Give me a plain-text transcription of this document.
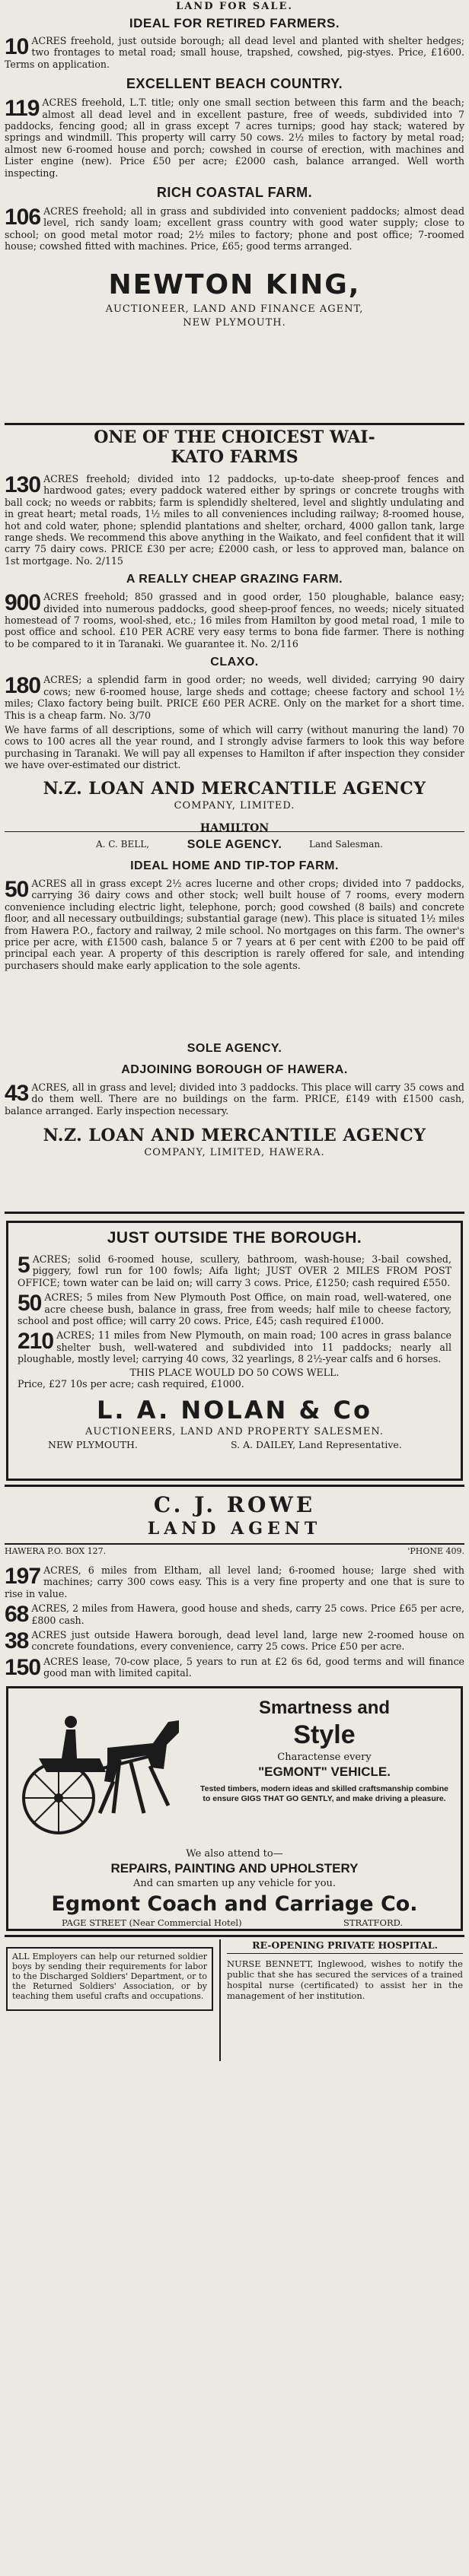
LAND FOR SALE.
IDEAL FOR RETIRED FARMERS.

10 ACRES freehold, just outside borough; all dead level and planted with shelter hedges; two frontages to metal road; small house, trapshed, cowshed, pig-styes. Price, £1600. Terms on application.

EXCELLENT BEACH COUNTRY.

119 ACRES freehold, L.T. title; only one small section between this farm and the beach; almost all dead level and in excellent pasture, free of weeds, subdivided into 7 paddocks, fencing good; all in grass except 7 acres turnips; good hay stack; watered by springs and windmill. This property will carry 50 cows. 2½ miles to factory by metal road; almost new 6-roomed house and porch; cowshed in course of erection, with machines and Lister engine (new). Price £50 per acre; £2000 cash, balance arranged. Well worth inspecting.

RICH COASTAL FARM.

106 ACRES freehold; all in grass and subdivided into convenient paddocks; almost dead level, rich sandy loam; excellent grass country with good water supply; close to school; on good metal motor road; 2½ miles to factory; phone and post office; 7-roomed house; cowshed fitted with machines. Price, £65; good terms arranged.

NEWTON KING,
AUCTIONEER, LAND AND FINANCE AGENT,
NEW PLYMOUTH.
ONE OF THE CHOICEST WAI-
KATO FARMS

130 ACRES freehold; divided into 12 paddocks, up-to-date sheep-proof fences and hardwood gates; every paddock watered either by springs or concrete troughs with ball cock; no weeds or rabbits; farm is splendidly sheltered, level and slightly undulating and in great heart; metal roads, 1½ miles to all conveniences including railway; 8-roomed house, hot and cold water, phone; splendid plantations and shelter, orchard, 4000 gallon tank, large range sheds. We recommend this above anything in the Waikato, and feel confident that it will carry 75 dairy cows. PRICE £30 per acre; £2000 cash, or less to approved man, balance on 1st mortgage. No. 2/115

A REALLY CHEAP GRAZING FARM.

900 ACRES freehold; 850 grassed and in good order, 150 ploughable, balance easy; divided into numerous paddocks, good sheep-proof fences, no weeds; nicely situated homestead of 7 rooms, wool-shed, etc.; 16 miles from Hamilton by good metal road, 1 mile to post office and school. £10 PER ACRE very easy terms to bona fide farmer. There is nothing to be compared to it in Taranaki. We guarantee it. No. 2/116

CLAXO.

180 ACRES; a splendid farm in good order; no weeds, well divided; carrying 90 dairy cows; new 6-roomed house, large sheds and cottage; cheese factory and school 1½ miles; Claxo factory being built. PRICE £60 PER ACRE. Only on the market for a short time. This is a cheap farm. No. 3/70

We have farms of all descriptions, some of which will carry (without manuring the land) 70 cows to 100 acres all the year round, and I strongly advise farmers to look this way before purchasing in Taranaki. We will pay all expenses to Hamilton if after inspection they consider we have over-estimated our district.

N.Z. LOAN AND MERCANTILE AGENCY
COMPANY, LIMITED.
HAMILTON
A. C. BELL,	Land Salesman.
SOLE AGENCY.
IDEAL HOME AND TIP-TOP FARM.

50 ACRES all in grass except 2½ acres lucerne and other crops; divided into 7 paddocks, carrying 36 dairy cows and other stock; well built house of 7 rooms, every modern convenience including electric light, telephone, porch; good cowshed (8 bails) and concrete floor, and all necessary outbuildings; substantial garage (new). This place is situated 1½ miles from Hawera P.O., factory and railway, 2 mile school. No mortgages on this farm. The owner's price per acre, with £1500 cash, balance 5 or 7 years at 6 per cent with £200 to be paid off principal each year. A property of this description is rarely offered for sale, and intending purchasers should make early application to the sole agents.

SOLE AGENCY.
ADJOINING BOROUGH OF HAWERA.

43 ACRES, all in grass and level; divided into 3 paddocks. This place will carry 35 cows and do them well. There are no buildings on the farm. PRICE, £149 with £1500 cash, balance arranged. Early inspection necessary.

N.Z. LOAN AND MERCANTILE AGENCY
COMPANY, LIMITED, HAWERA.
JUST OUTSIDE THE BOROUGH.

5 ACRES; solid 6-roomed house, scullery, bathroom, wash-house; 3-bail cowshed, piggery, fowl run for 100 fowls; Aifa light; JUST OVER 2 MILES FROM POST OFFICE; town water can be laid on; will carry 3 cows. Price, £1250; cash required £550.

50 ACRES; 5 miles from New Plymouth Post Office, on main road, well-watered, one acre cheese bush, balance in grass, free from weeds; half mile to cheese factory, school and post office; will carry 20 cows. Price, £45; cash required £1000.

210 ACRES; 11 miles from New Plymouth, on main road; 100 acres in grass balance shelter bush, well-watered and subdivided into 11 paddocks; nearly all ploughable, mostly level; carrying 40 cows, 32 yearlings, 8 2½-year calfs and 6 horses.

THIS PLACE WOULD DO 50 COWS WELL.
Price, £27 10s per acre; cash required, £1000.
L. A. NOLAN & Co
AUCTIONEERS, LAND AND PROPERTY SALESMEN.
NEW PLYMOUTH.	S. A. DAILEY, Land Representative.
C. J. ROWE
LAND AGENT
HAWERA P.O. BOX 127.	'PHONE 409.

197 ACRES, 6 miles from Eltham, all level land; 6-roomed house; large shed with machines; carry 300 cows easy. This is a very fine property and one that is sure to rise in value.

68 ACRES, 2 miles from Hawera, good house and sheds, carry 25 cows. Price £65 per acre, £800 cash.

38 ACRES just outside Hawera borough, dead level land, large new 2-roomed house on concrete foundations, every convenience, carry 25 cows. Price £50 per acre.

150 ACRES lease, 70-cow place, 5 years to run at £2 6s 6d, good terms and will finance good man with limited capital.

Smartness and
Style
Charactense every
"EGMONT" VEHICLE.
Tested timbers, modern ideas and skilled craftsmanship combine to ensure GIGS THAT GO GENTLY, and make driving a pleasure.
We also attend to—
REPAIRS, PAINTING AND UPHOLSTERY
And can smarten up any vehicle for you.
Egmont Coach and Carriage Co.
PAGE STREET (Near Commercial Hotel)	STRATFORD.

ALL Employers can help our returned soldier boys by sending their requirements for labor to the Discharged Soldiers' Department, or to the Returned Soldiers' Association, or by teaching them useful crafts and occupations.

RE-OPENING PRIVATE HOSPITAL.

NURSE BENNETT, Inglewood, wishes to notify the public that she has secured the services of a trained hospital nurse (certificated) to assist her in the management of her institution.
